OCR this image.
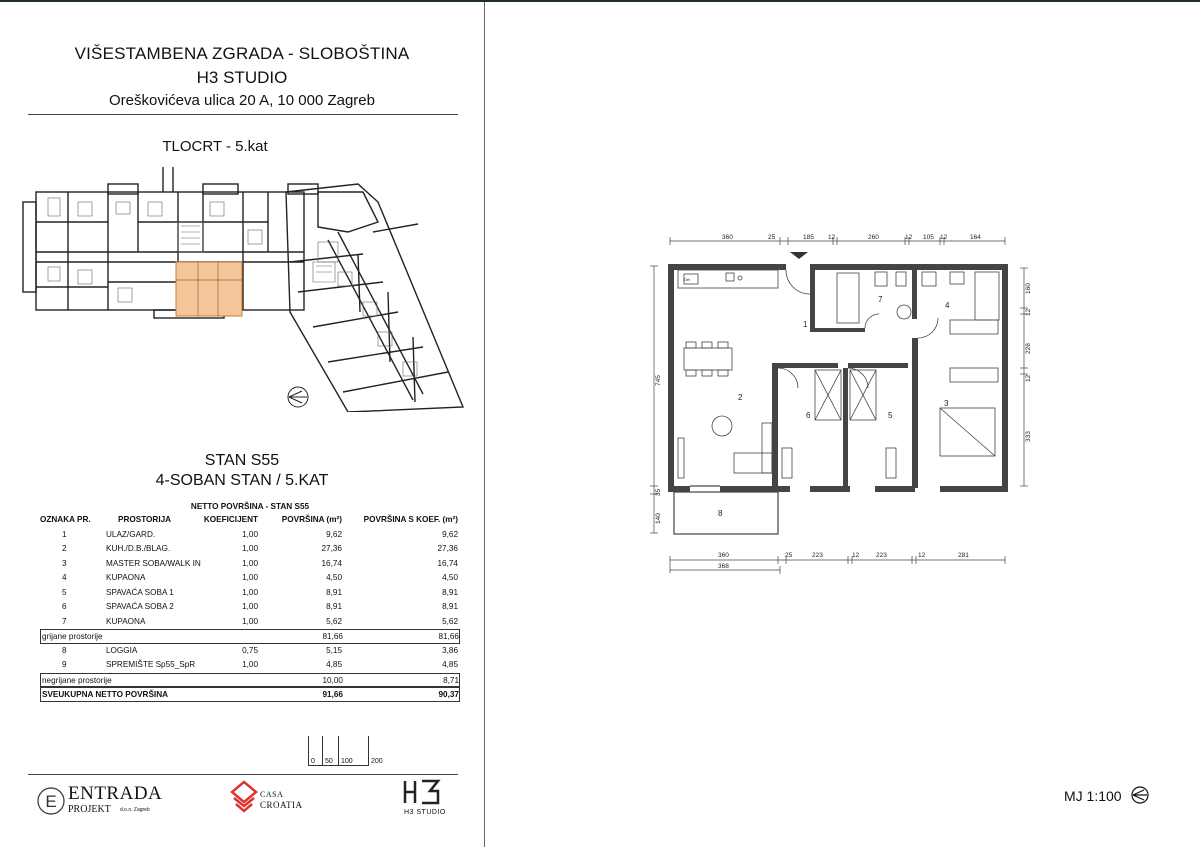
VIŠESTAMBENA ZGRADA - SLOBOŠTINA
H3 STUDIO
Oreškovićeva ulica 20 A, 10 000 Zagreb
TLOCRT - 5.kat
STAN S55
4-SOBAN STAN / 5.KAT
NETTO POVRŠINA - STAN S55
OZNAKA PR.	PROSTORIJA	KOEFICIJENT	POVRŠINA (m²)	POVRŠINA S KOEF. (m²)
1	ULAZ/GARD.	1,00	9,62	9,62
2	KUH./D.B./BLAG.	1,00	27,36	27,36
3	MASTER SOBA/WALK IN	1,00	16,74	16,74
4	KUPAONA	1,00	4,50	4,50
5	SPAVAĆA SOBA 1	1,00	8,91	8,91
6	SPAVAĆA SOBA 2	1,00	8,91	8,91
7	KUPAONA	1,00	5,62	5,62
grijane prostorije	81,66	81,66
8	LOGGIA	0,75	5,15	3,86
9	SPREMIŠTE Sp55_SpR	1,00	4,85	4,85
negrijane prostorije	10,00	8,71
SVEUKUPNA NETTO POVRŠINA	91,66	90,37
0 50 100	200
E ENTRADA
PROJEKT d.o.o. Zagreb
CASA
CROATIA
H3 STUDIO
360	25	185 12	260	12 105 12	164
360	25	223	12	223	12	281
368
745
35
140
160
12
228
12
333
Del
1
2
3
4
5
6
7
8
MJ 1:100
